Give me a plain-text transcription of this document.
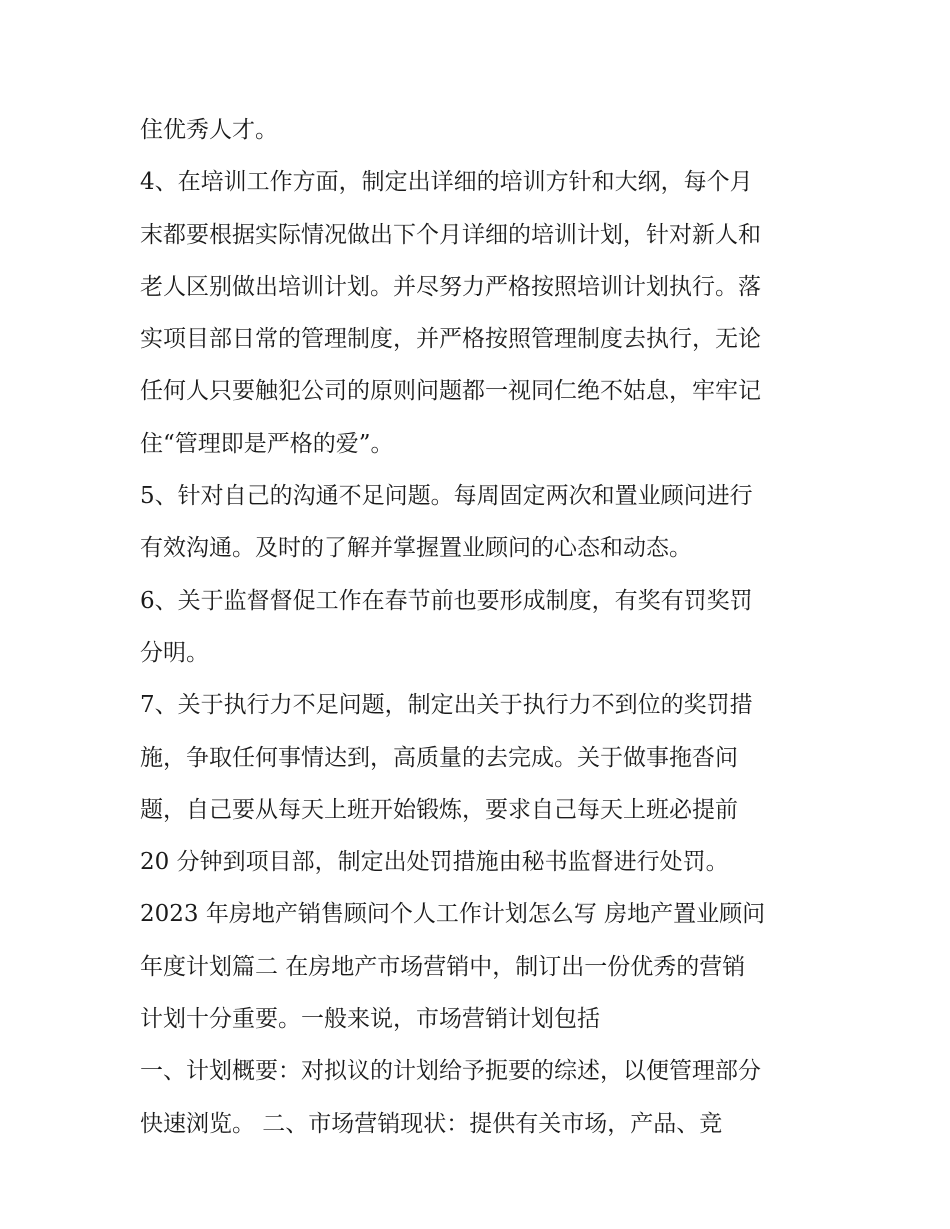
住优秀人才。
4、在培训工作方面，制定出详细的培训方针和大纲，每个月
末都要根据实际情况做出下个月详细的培训计划，针对新人和
老人区别做出培训计划。并尽努力严格按照培训计划执行。落
实项目部日常的管理制度，并严格按照管理制度去执行，无论
任何人只要触犯公司的原则问题都一视同仁绝不姑息，牢牢记
住“管理即是严格的爱”。
5、针对自己的沟通不足问题。每周固定两次和置业顾问进行
有效沟通。及时的了解并掌握置业顾问的心态和动态。
6、关于监督督促工作在春节前也要形成制度，有奖有罚奖罚
分明。
7、关于执行力不足问题，制定出关于执行力不到位的奖罚措
施，争取任何事情达到，高质量的去完成。关于做事拖沓问
题，自己要从每天上班开始锻炼，要求自己每天上班必提前
20 分钟到项目部，制定出处罚措施由秘书监督进行处罚。
2023 年房地产销售顾问个人工作计划怎么写 房地产置业顾问
年度计划篇二 在房地产市场营销中，制订出一份优秀的营销
计划十分重要。一般来说，市场营销计划包括
一、计划概要：对拟议的计划给予扼要的综述，以便管理部分
快速浏览。 二、市场营销现状：提供有关市场，产品、竞
